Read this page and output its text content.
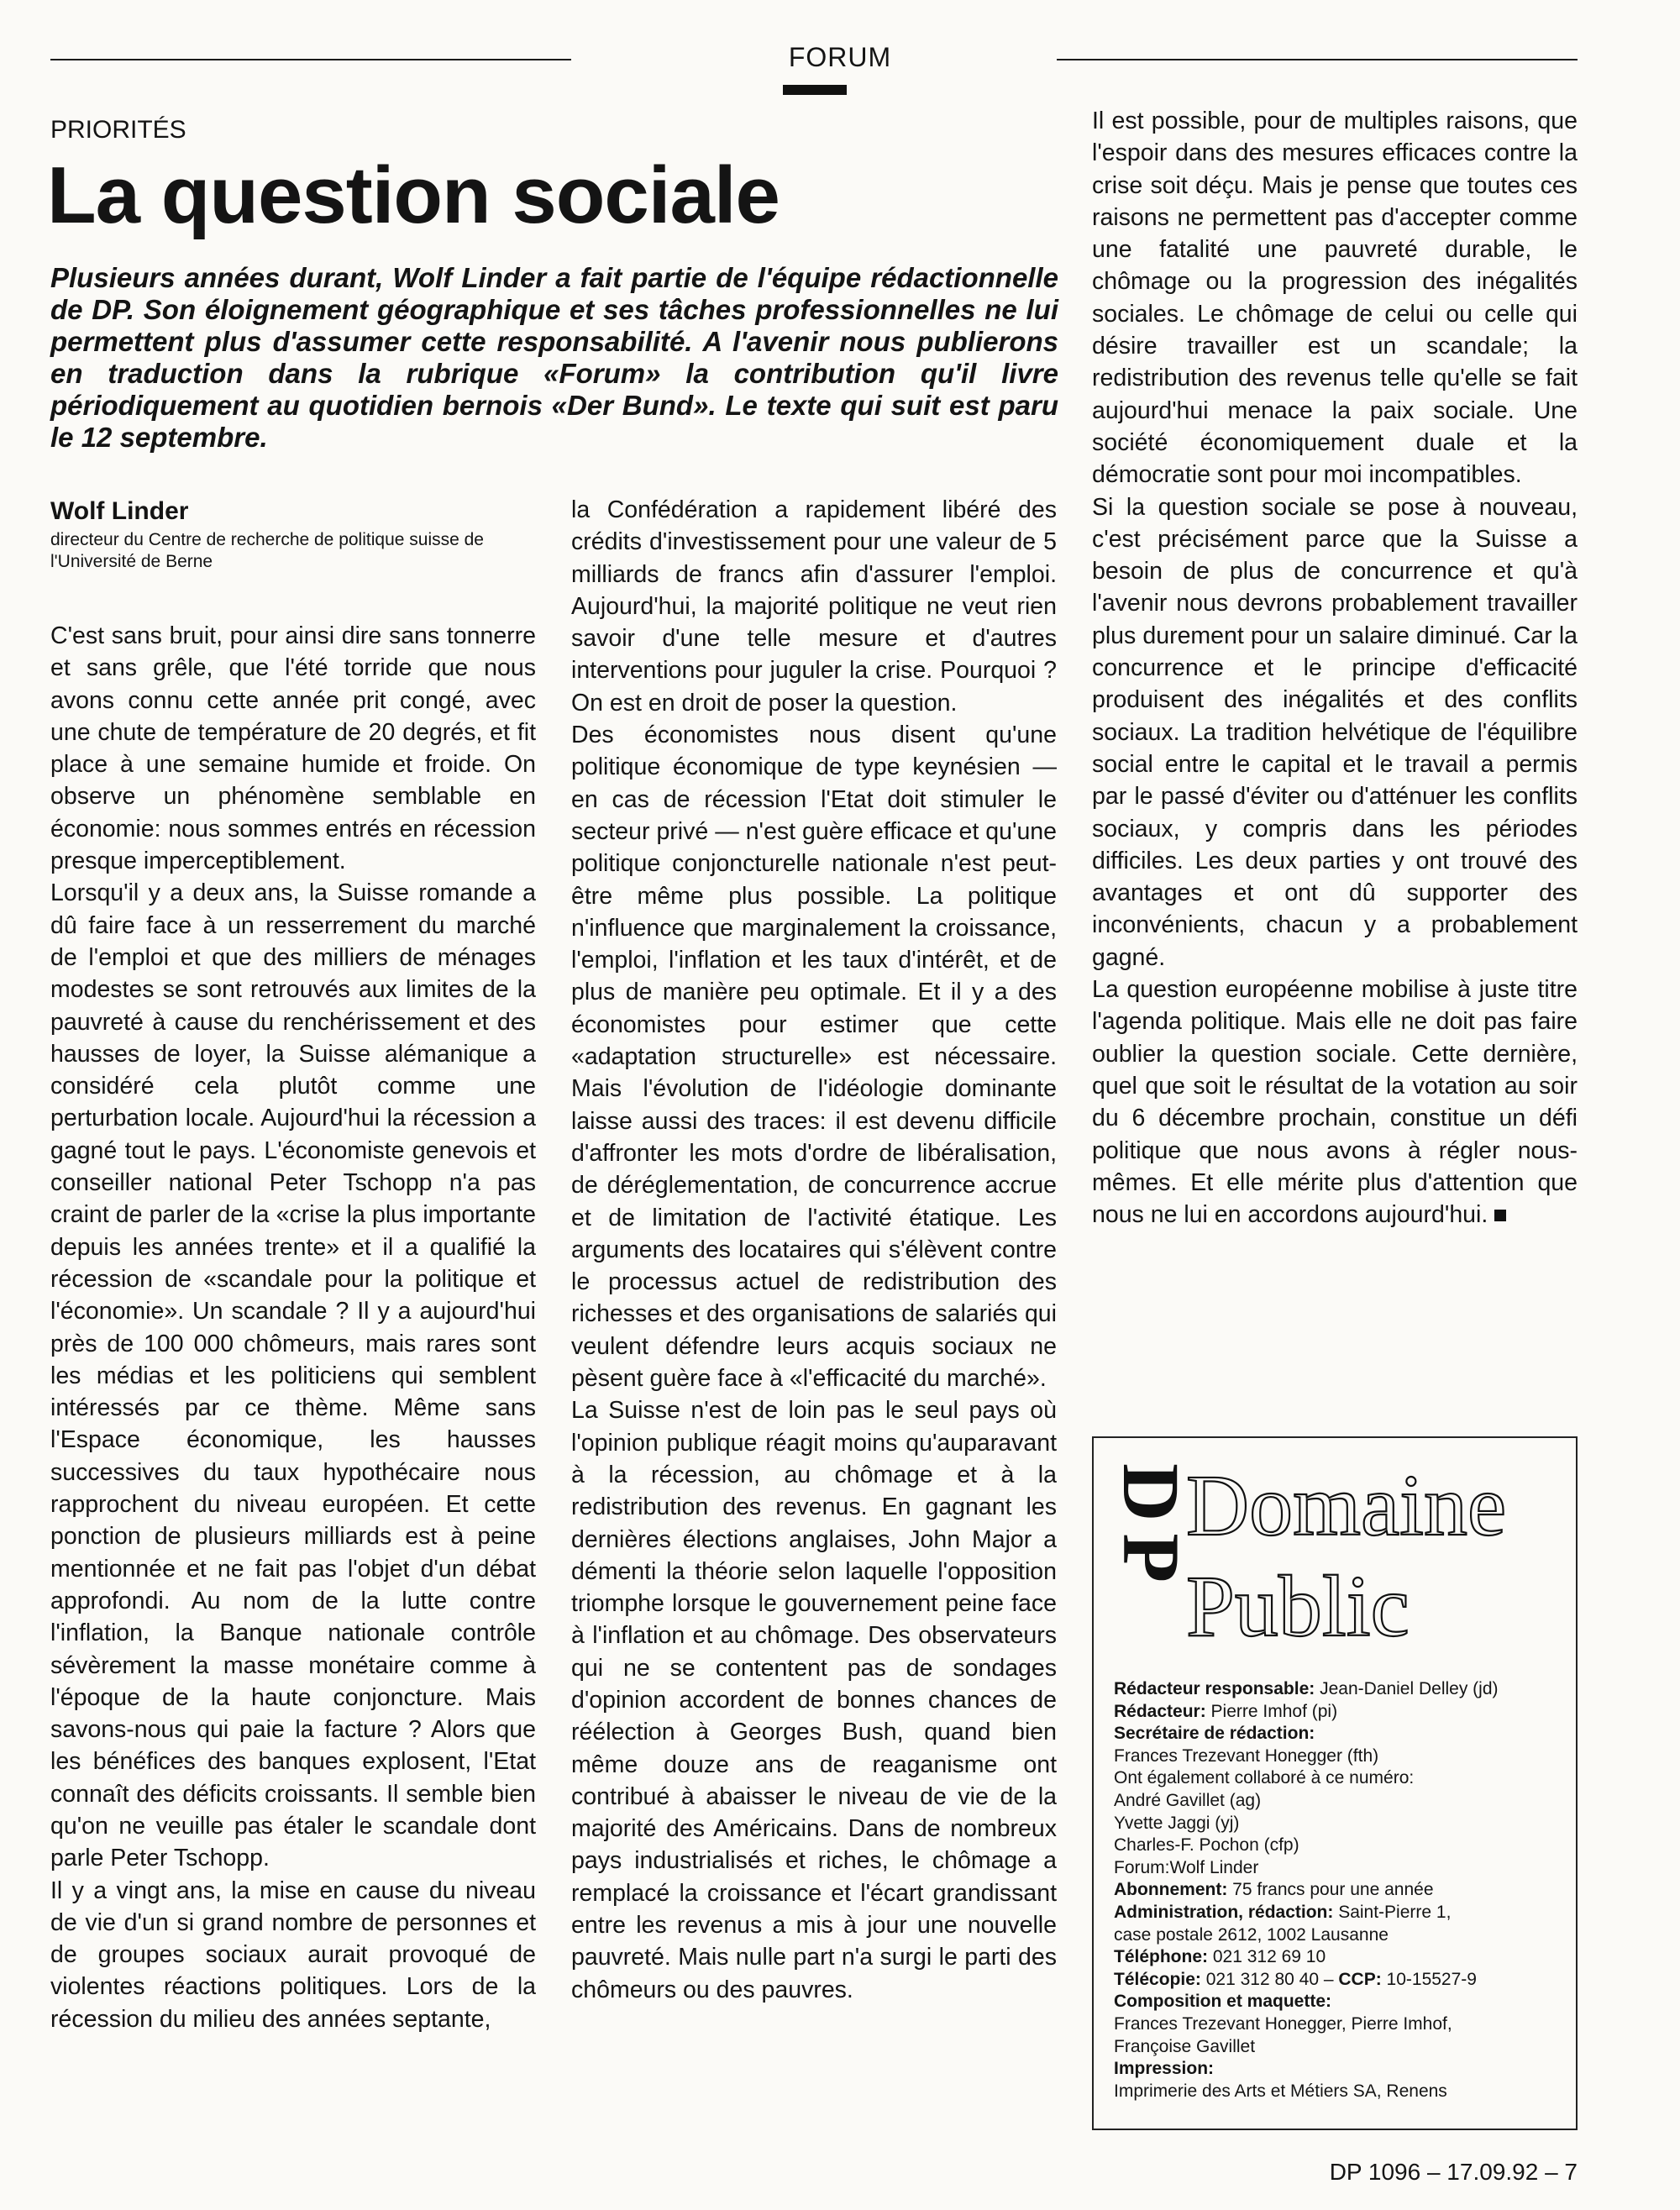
FORUM
PRIORITÉS
La question sociale
Plusieurs années durant, Wolf Linder a fait partie de l'équipe rédactionnelle de DP. Son éloignement géographique et ses tâches professionnelles ne lui permettent plus d'assumer cette responsabilité. A l'avenir nous publierons en traduction dans la rubrique «Forum» la contribution qu'il livre périodiquement au quotidien bernois «Der Bund». Le texte qui suit est paru le 12 septembre.
Wolf Linder
directeur du Centre de recherche de politique suisse de l'Université de Berne

C'est sans bruit, pour ainsi dire sans tonnerre et sans grêle, que l'été torride que nous avons connu cette année prit congé, avec une chute de température de 20 degrés, et fit place à une semaine humide et froide. On observe un phénomène semblable en économie: nous sommes entrés en récession presque imperceptiblement.

Lorsqu'il y a deux ans, la Suisse romande a dû faire face à un resserrement du marché de l'emploi et que des milliers de ménages modestes se sont retrouvés aux limites de la pauvreté à cause du renchérissement et des hausses de loyer, la Suisse alémanique a considéré cela plutôt comme une perturbation locale. Aujourd'hui la récession a gagné tout le pays. L'économiste genevois et conseiller national Peter Tschopp n'a pas craint de parler de la «crise la plus importante depuis les années trente» et il a qualifié la récession de «scandale pour la politique et l'économie». Un scandale ? Il y a aujourd'hui près de 100 000 chômeurs, mais rares sont les médias et les politiciens qui semblent intéressés par ce thème. Même sans l'Espace économique, les hausses successives du taux hypothécaire nous rapprochent du niveau européen. Et cette ponction de plusieurs milliards est à peine mentionnée et ne fait pas l'objet d'un débat approfondi. Au nom de la lutte contre l'inflation, la Banque nationale contrôle sévèrement la masse monétaire comme à l'époque de la haute conjoncture. Mais savons-nous qui paie la facture ? Alors que les bénéfices des banques explosent, l'Etat connaît des déficits croissants. Il semble bien qu'on ne veuille pas étaler le scandale dont parle Peter Tschopp.

Il y a vingt ans, la mise en cause du niveau de vie d'un si grand nombre de personnes et de groupes sociaux aurait provoqué de violentes réactions politiques. Lors de la récession du milieu des années septante,

la Confédération a rapidement libéré des crédits d'investissement pour une valeur de 5 milliards de francs afin d'assurer l'emploi. Aujourd'hui, la majorité politique ne veut rien savoir d'une telle mesure et d'autres interventions pour juguler la crise. Pourquoi ? On est en droit de poser la question.

Des économistes nous disent qu'une politique économique de type keynésien — en cas de récession l'Etat doit stimuler le secteur privé — n'est guère efficace et qu'une politique conjoncturelle nationale n'est peut-être même plus possible. La politique n'influence que marginalement la croissance, l'emploi, l'inflation et les taux d'intérêt, et de plus de manière peu optimale. Et il y a des économistes pour estimer que cette «adaptation structurelle» est nécessaire. Mais l'évolution de l'idéologie dominante laisse aussi des traces: il est devenu difficile d'affronter les mots d'ordre de libéralisation, de déréglementation, de concurrence accrue et de limitation de l'activité étatique. Les arguments des locataires qui s'élèvent contre le processus actuel de redistribution des richesses et des organisations de salariés qui veulent défendre leurs acquis sociaux ne pèsent guère face à «l'efficacité du marché».

La Suisse n'est de loin pas le seul pays où l'opinion publique réagit moins qu'auparavant à la récession, au chômage et à la redistribution des revenus. En gagnant les dernières élections anglaises, John Major a démenti la théorie selon laquelle l'opposition triomphe lorsque le gouvernement peine face à l'inflation et au chômage. Des observateurs qui ne se contentent pas de sondages d'opinion accordent de bonnes chances de réélection à Georges Bush, quand bien même douze ans de reaganisme ont contribué à abaisser le niveau de vie de la majorité des Américains. Dans de nombreux pays industrialisés et riches, le chômage a remplacé la croissance et l'écart grandissant entre les revenus a mis à jour une nouvelle pauvreté. Mais nulle part n'a surgi le parti des chômeurs ou des pauvres.

Il est possible, pour de multiples raisons, que l'espoir dans des mesures efficaces contre la crise soit déçu. Mais je pense que toutes ces raisons ne permettent pas d'accepter comme une fatalité une pauvreté durable, le chômage ou la progression des inégalités sociales. Le chômage de celui ou celle qui désire travailler est un scandale; la redistribution des revenus telle qu'elle se fait aujourd'hui menace la paix sociale. Une société économiquement duale et la démocratie sont pour moi incompatibles.

Si la question sociale se pose à nouveau, c'est précisément parce que la Suisse a besoin de plus de concurrence et qu'à l'avenir nous devrons probablement travailler plus durement pour un salaire diminué. Car la concurrence et le principe d'efficacité produisent des inégalités et des conflits sociaux. La tradition helvétique de l'équilibre social entre le capital et le travail a permis par le passé d'éviter ou d'atténuer les conflits sociaux, y compris dans les périodes difficiles. Les deux parties y ont trouvé des avantages et ont dû supporter des inconvénients, chacun y a probablement gagné.

La question européenne mobilise à juste titre l'agenda politique. Mais elle ne doit pas faire oublier la question sociale. Cette dernière, quel que soit le résultat de la votation au soir du 6 décembre prochain, constitue un défi politique que nous avons à régler nous-mêmes. Et elle mérite plus d'attention que nous ne lui en accordons aujourd'hui.

DP
Domaine
Public
Rédacteur responsable: Jean-Daniel Delley (jd)
Rédacteur: Pierre Imhof (pi)
Secrétaire de rédaction:
Frances Trezevant Honegger (fth)
Ont également collaboré à ce numéro:
André Gavillet (ag)
Yvette Jaggi (yj)
Charles-F. Pochon (cfp)
Forum:Wolf Linder
Abonnement: 75 francs pour une année
Administration, rédaction: Saint-Pierre 1,
case postale 2612, 1002 Lausanne
Téléphone: 021 312 69 10
Télécopie: 021 312 80 40 – CCP: 10-15527-9
Composition et maquette:
Frances Trezevant Honegger, Pierre Imhof,
Françoise Gavillet
Impression:
Imprimerie des Arts et Métiers SA, Renens
DP 1096 – 17.09.92 – 7
